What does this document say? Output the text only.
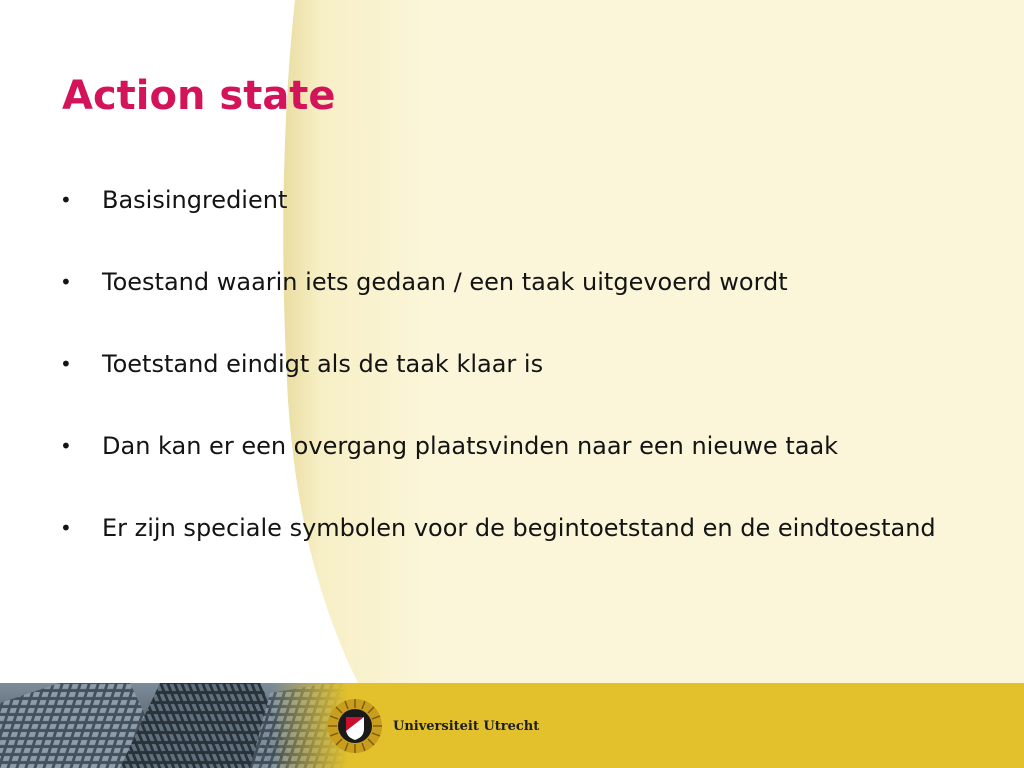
Action state
•	Basisingredient
•	Toestand waarin iets gedaan / een taak uitgevoerd wordt
•	Toetstand eindigt als de taak klaar is
•	Dan kan er een overgang plaatsvinden naar een nieuwe taak
•	Er zijn speciale symbolen voor de begintoetstand en de eindtoestand
Universiteit Utrecht
